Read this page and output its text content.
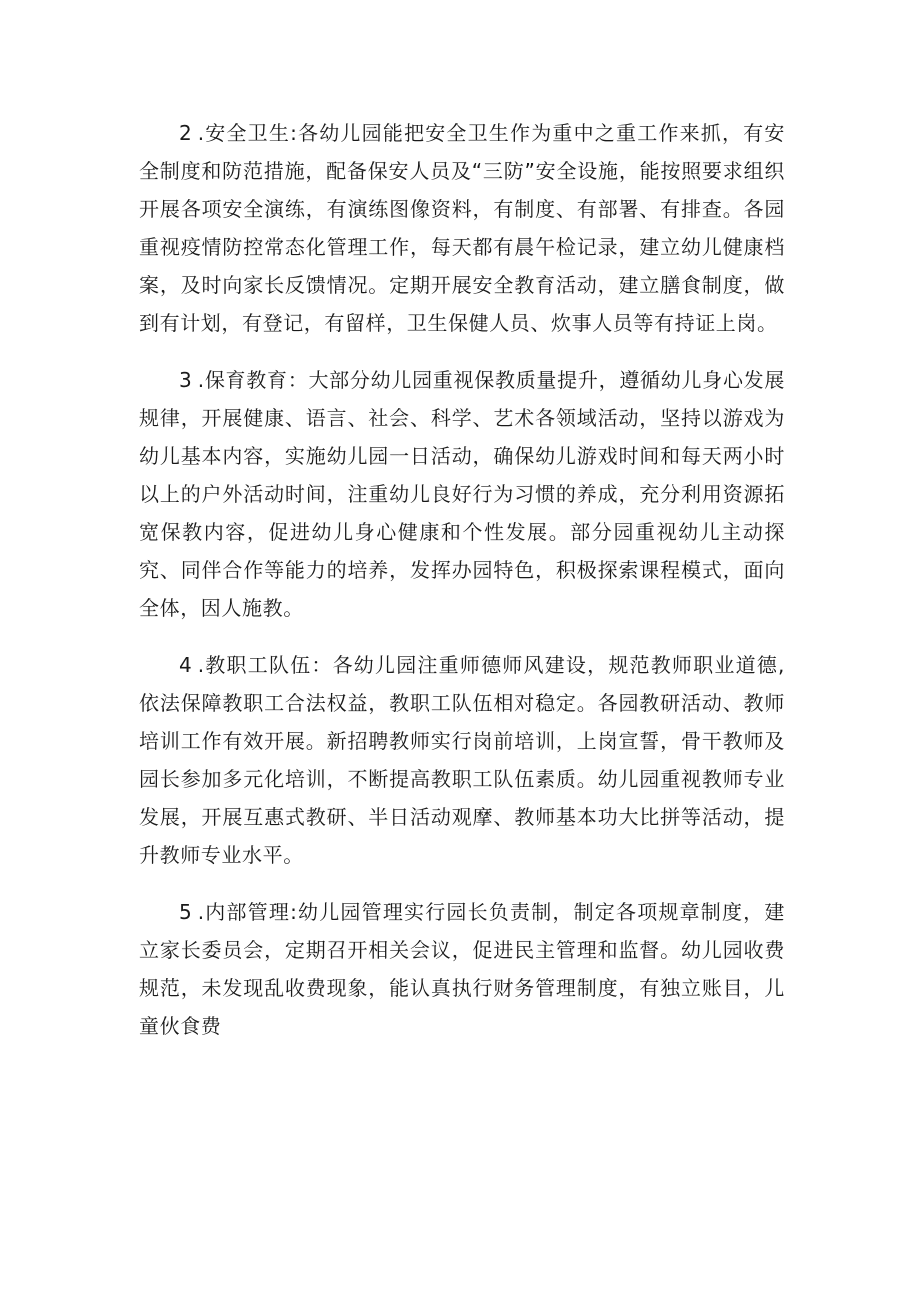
2.安全卫生:各幼儿园能把安全卫生作为重中之重工作来抓，有安全制度和防范措施，配备保安人员及“三防”安全设施，能按照要求组织开展各项安全演练，有演练图像资料，有制度、有部署、有排查。各园重视疫情防控常态化管理工作，每天都有晨午检记录，建立幼儿健康档案，及时向家长反馈情况。定期开展安全教育活动，建立膳食制度，做到有计划，有登记，有留样，卫生保健人员、炊事人员等有持证上岗。

3.保育教育：大部分幼儿园重视保教质量提升，遵循幼儿身心发展规律，开展健康、语言、社会、科学、艺术各领域活动，坚持以游戏为幼儿基本内容，实施幼儿园一日活动，确保幼儿游戏时间和每天两小时以上的户外活动时间，注重幼儿良好行为习惯的养成，充分利用资源拓宽保教内容，促进幼儿身心健康和个性发展。部分园重视幼儿主动探究、同伴合作等能力的培养，发挥办园特色，积极探索课程模式，面向全体，因人施教。

4.教职工队伍：各幼儿园注重师德师风建设，规范教师职业道德,依法保障教职工合法权益，教职工队伍相对稳定。各园教研活动、教师培训工作有效开展。新招聘教师实行岗前培训，上岗宣誓，骨干教师及园长参加多元化培训，不断提高教职工队伍素质。幼儿园重视教师专业发展，开展互惠式教研、半日活动观摩、教师基本功大比拼等活动，提升教师专业水平。

5.内部管理:幼儿园管理实行园长负责制，制定各项规章制度，建立家长委员会，定期召开相关会议，促进民主管理和监督。幼儿园收费规范，未发现乱收费现象，能认真执行财务管理制度，有独立账目，儿童伙食费
